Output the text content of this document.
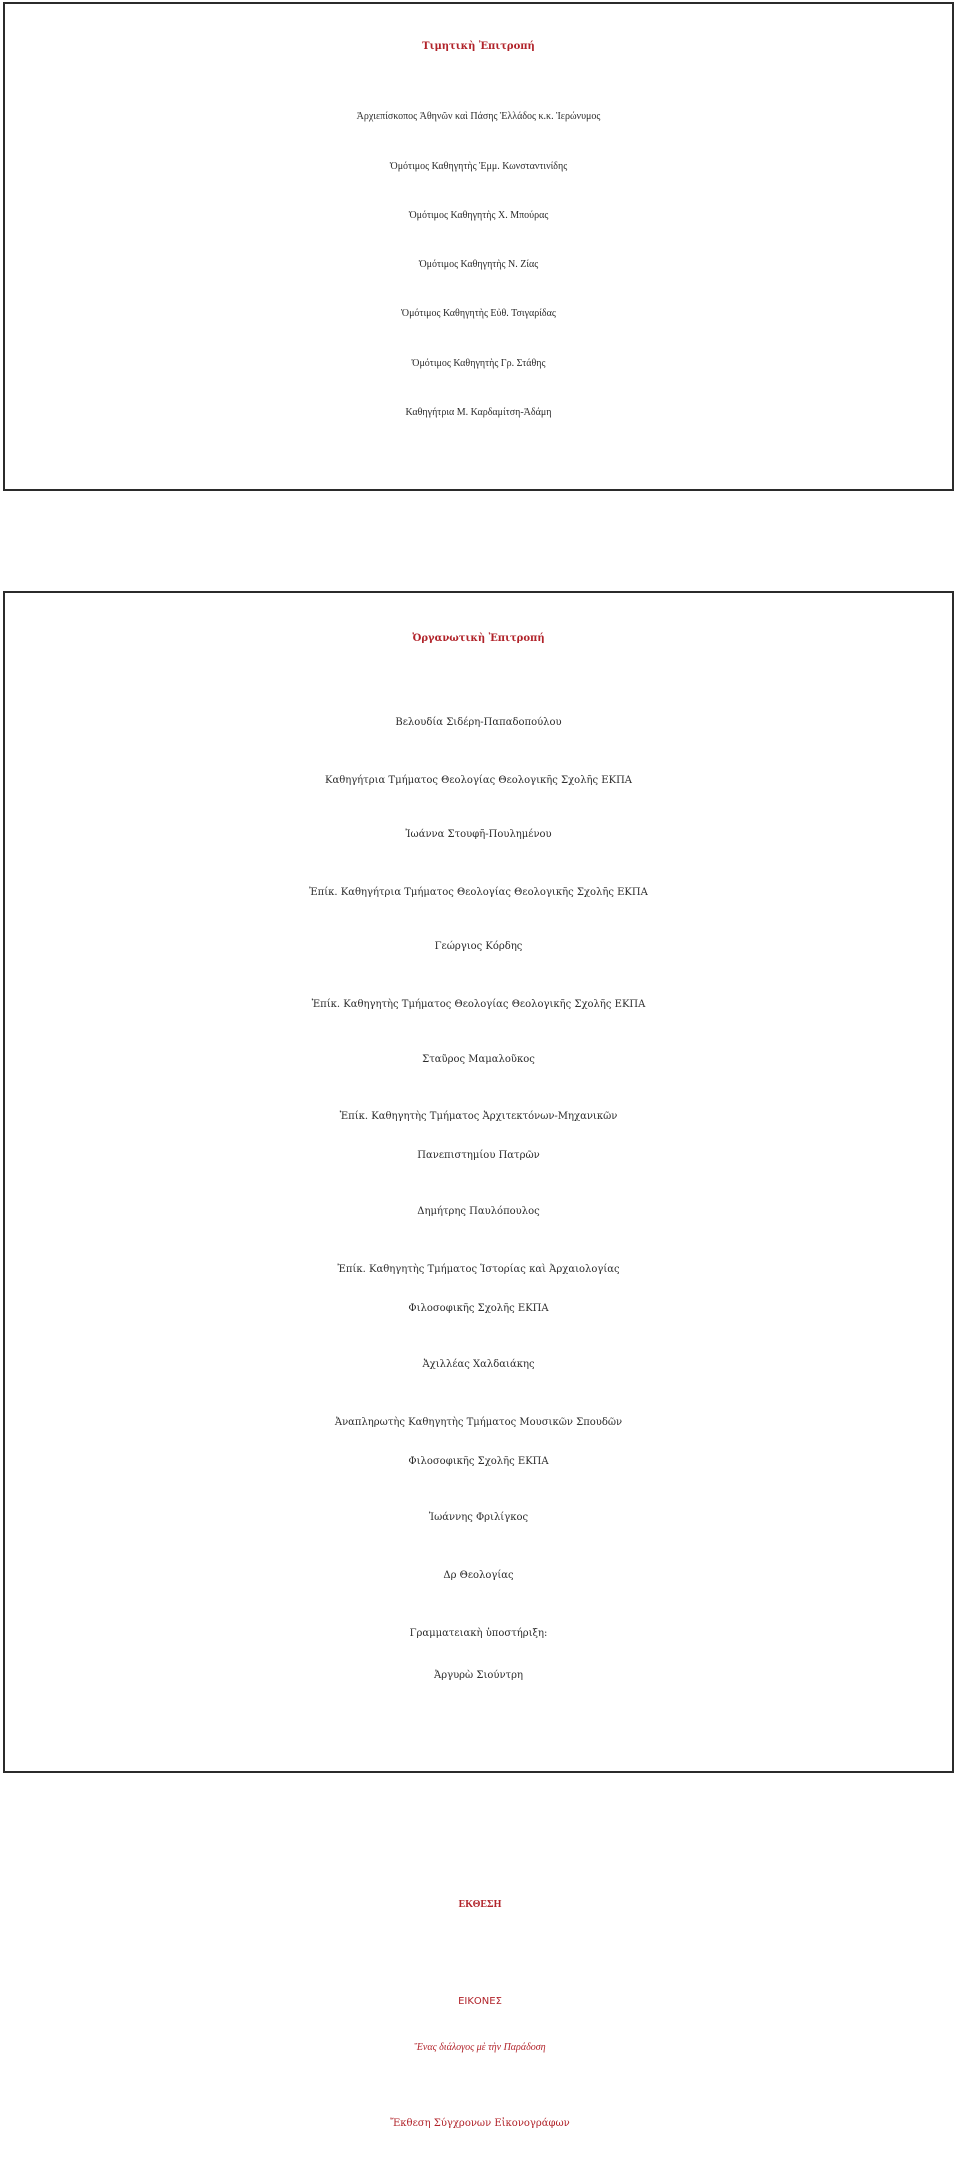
Τιμητικὴ Ἐπιτροπή
Ἀρχιεπίσκοπος Ἀθηνῶν καὶ Πάσης Ἑλλάδος κ.κ. Ἱερώνυμος
Ὁμότιμος Καθηγητὴς Ἐμμ. Κωνσταντινίδης
Ὁμότιμος Καθηγητὴς Χ. Μπούρας
Ὁμότιμος Καθηγητὴς Ν. Ζίας
Ὁμότιμος Καθηγητὴς Εὐθ. Τσιγαρίδας
Ὁμότιμος Καθηγητὴς Γρ. Στάθης
Καθηγήτρια Μ. Καρδαμίτση-Ἀδάμη
Ὀργανωτικὴ Ἐπιτροπή
Βελουδία Σιδέρη-Παπαδοπούλου
Καθηγήτρια Τμήματος Θεολογίας Θεολογικῆς Σχολῆς ΕΚΠΑ
Ἰωάννα Στουφῆ-Πουλημένου
Ἐπίκ. Καθηγήτρια Τμήματος Θεολογίας Θεολογικῆς Σχολῆς ΕΚΠΑ
Γεώργιος Κόρδης
Ἐπίκ. Καθηγητὴς Τμήματος Θεολογίας Θεολογικῆς Σχολῆς ΕΚΠΑ
Σταῦρος Μαμαλοῦκος
Ἐπίκ. Καθηγητὴς Τμήματος Ἀρχιτεκτόνων-Μηχανικῶν
Πανεπιστημίου Πατρῶν
Δημήτρης Παυλόπουλος
Ἐπίκ. Καθηγητὴς Τμήματος Ἱστορίας καὶ Ἀρχαιολογίας
Φιλοσοφικῆς Σχολῆς ΕΚΠΑ
Ἀχιλλέας Χαλδαιάκης
Ἀναπληρωτὴς Καθηγητὴς Τμήματος Μουσικῶν Σπουδῶν
Φιλοσοφικῆς Σχολῆς ΕΚΠΑ
Ἰωάννης Φριλίγκος
Δρ Θεολογίας
Γραμματειακὴ ὑποστήριξη:
Ἀργυρὼ Σιούντρη
ΕΚΘΕΣΗ
ΕΙΚΟΝΕΣ
Ἕνας διάλογος μὲ τὴν Παράδοση
Ἔκθεση Σύγχρονων Εἰκονογράφων
